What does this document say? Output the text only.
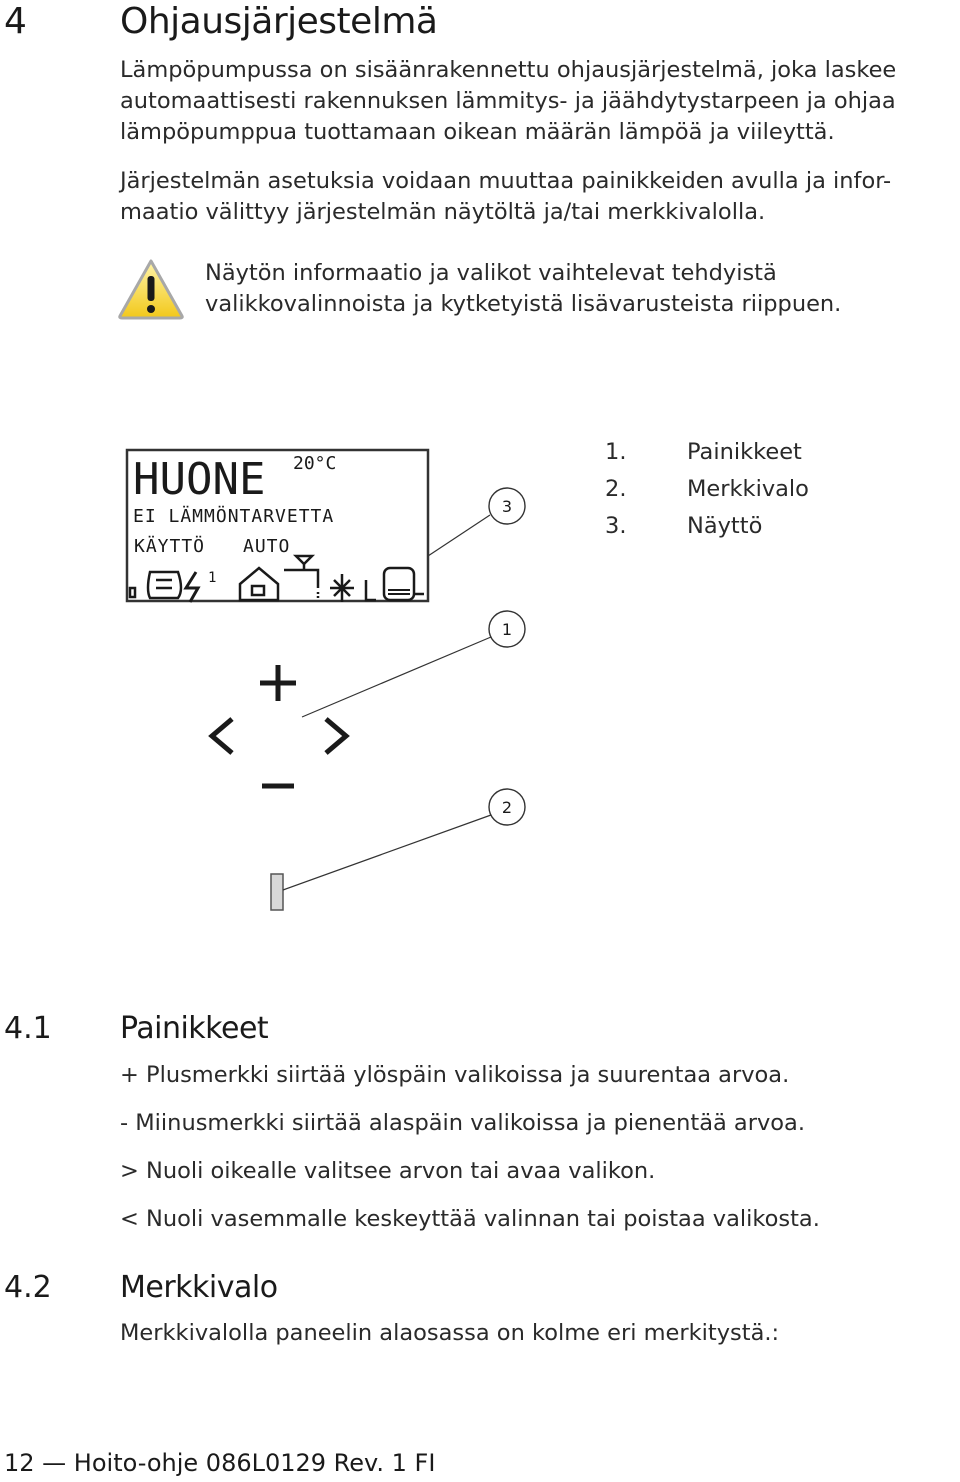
4	Ohjausjärjestelmä
Lämpöpumpussa on sisäänrakennettu ohjausjärjestelmä, joka laskee
automaattisesti rakennuksen lämmitys- ja jäähdytystarpeen ja ohjaa
lämpöpumppua tuottamaan oikean määrän lämpöä ja viileyttä.
Järjestelmän asetuksia voidaan muuttaa painikkeiden avulla ja infor-
maatio välittyy järjestelmän näytöltä ja/tai merkkivalolla.
Näytön informaatio ja valikot vaihtelevat tehdyistä
valikkovalinnoista ja kytketyistä lisävarusteista riippuen.
HUONE 20°C
EI LÄMMÖNTARVETTA
KÄYTTÖ AUTO
1
3
1
2
1.	Painikkeet
2.	Merkkivalo
3.	Näyttö
4.1 Painikkeet
+ Plusmerkki siirtää ylöspäin valikoissa ja suurentaa arvoa.
- Miinusmerkki siirtää alaspäin valikoissa ja pienentää arvoa.
> Nuoli oikealle valitsee arvon tai avaa valikon.
< Nuoli vasemmalle keskeyttää valinnan tai poistaa valikosta.
4.2 Merkkivalo
Merkkivalolla paneelin alaosassa on kolme eri merkitystä.:
12 — Hoito-ohje 086L0129 Rev. 1 FI
